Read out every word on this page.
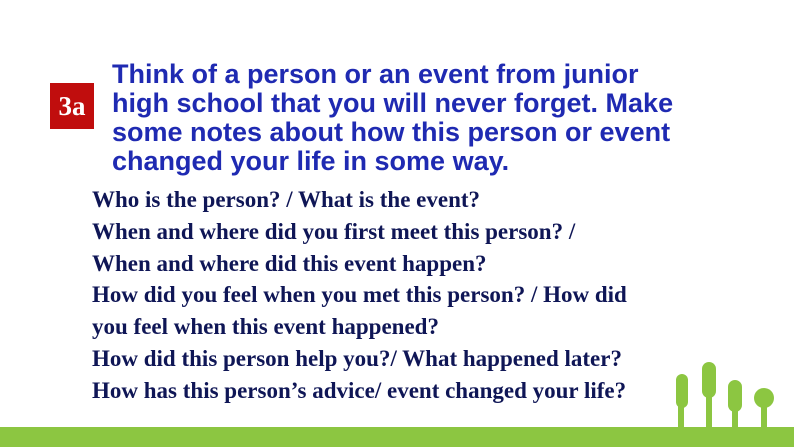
3a

Think of a person or an event from junior
high school that you will never forget. Make
some notes about how this person or event
changed your life in some way.

Who is the person? / What is the event?
When and where did you first meet this person? /
When and where did this event happen?
How did you feel when you met this person? / How did
you feel when this event happened?
How did this person help you?/ What happened later?
How has this person’s advice/ event changed your life?
